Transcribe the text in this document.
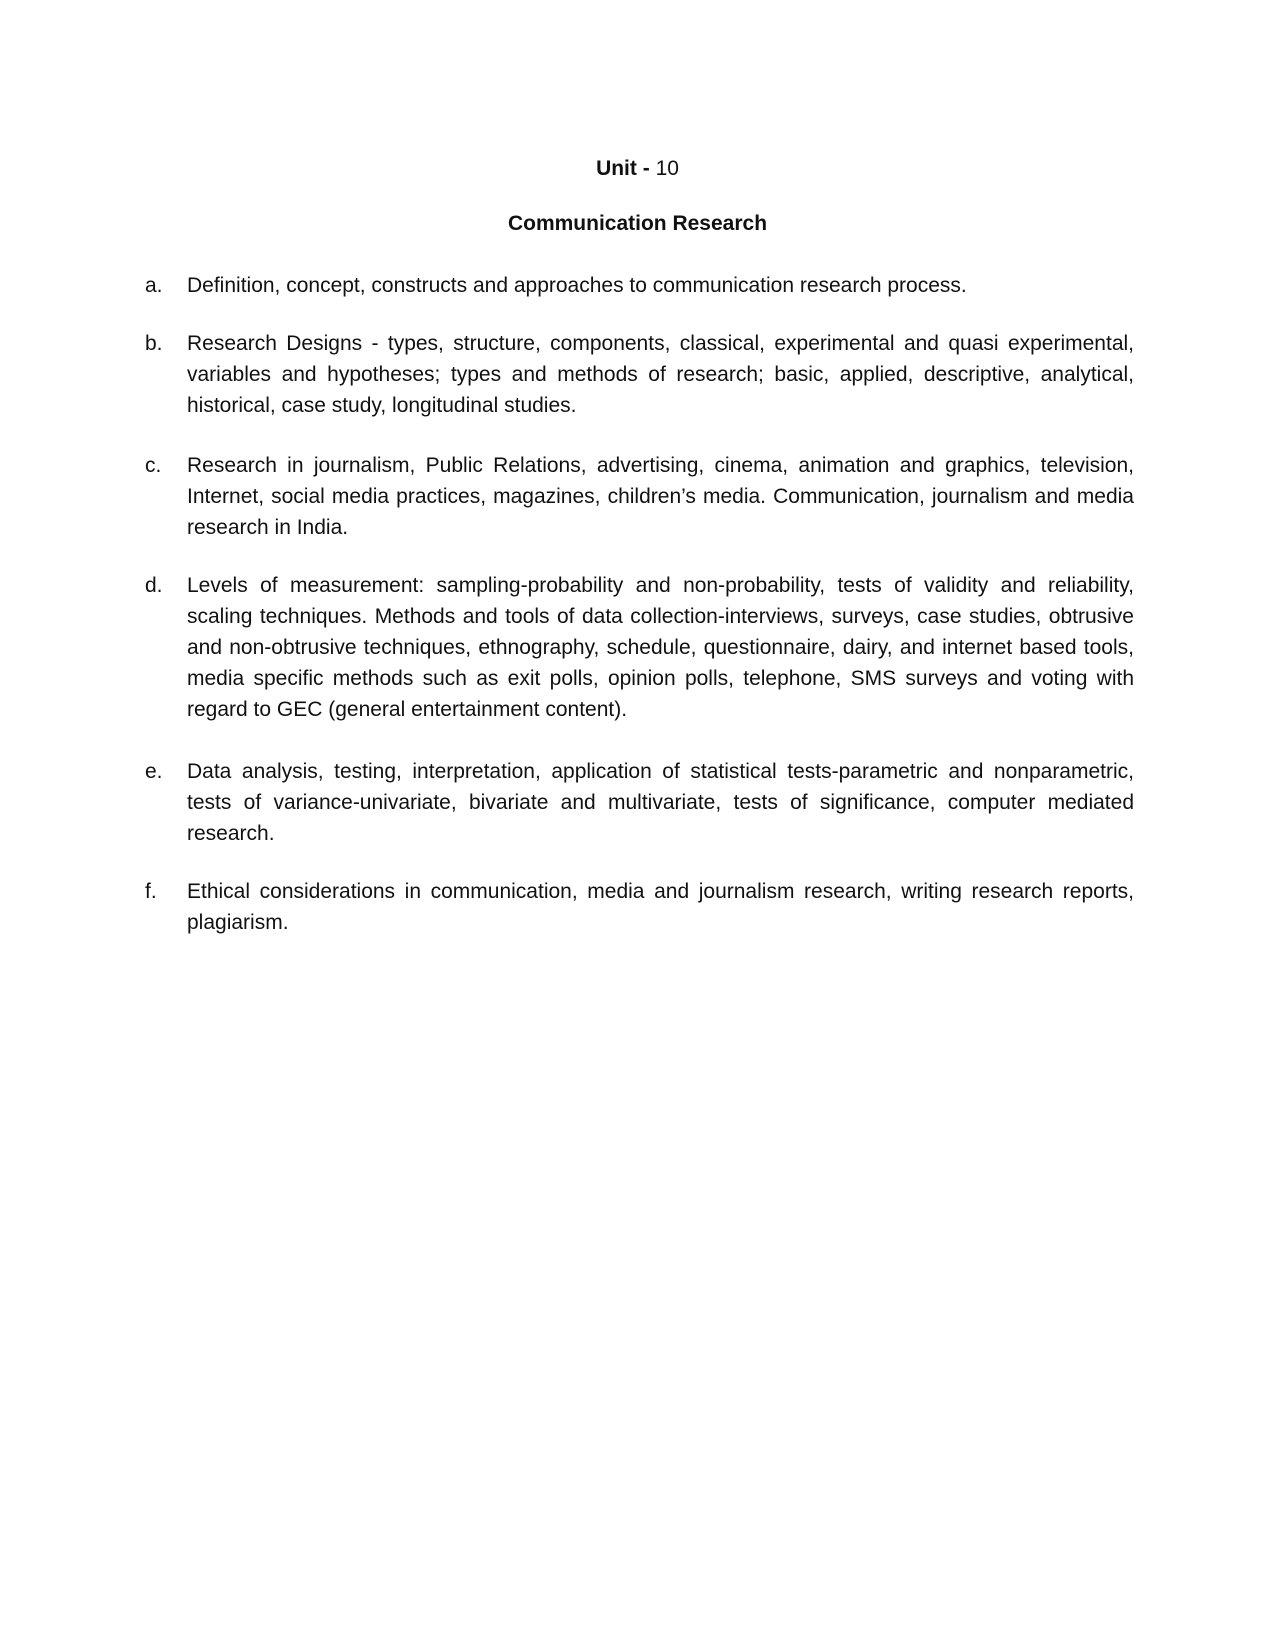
Unit - 10
Communication Research
a.	Definition, concept, constructs and approaches to communication research process.
b.	Research Designs - types, structure, components, classical, experimental and quasi experimental, variables and hypotheses; types and methods of research; basic, applied, descriptive, analytical, historical, case study, longitudinal studies.
c.	Research in journalism, Public Relations, advertising, cinema, animation and graphics, television, Internet, social media practices, magazines, children’s media. Communication, journalism and media research in India.
d.	Levels of measurement: sampling-probability and non-probability, tests of validity and reliability, scaling techniques. Methods and tools of data collection-interviews, surveys, case studies, obtrusive and non-obtrusive techniques, ethnography, schedule, questionnaire, dairy, and internet based tools, media specific methods such as exit polls, opinion polls, telephone, SMS surveys and voting with regard to GEC (general entertainment content).
e.	Data analysis, testing, interpretation, application of statistical tests-parametric and nonparametric, tests of variance-univariate, bivariate and multivariate, tests of significance, computer mediated research.
f.	Ethical considerations in communication, media and journalism research, writing research reports, plagiarism.
